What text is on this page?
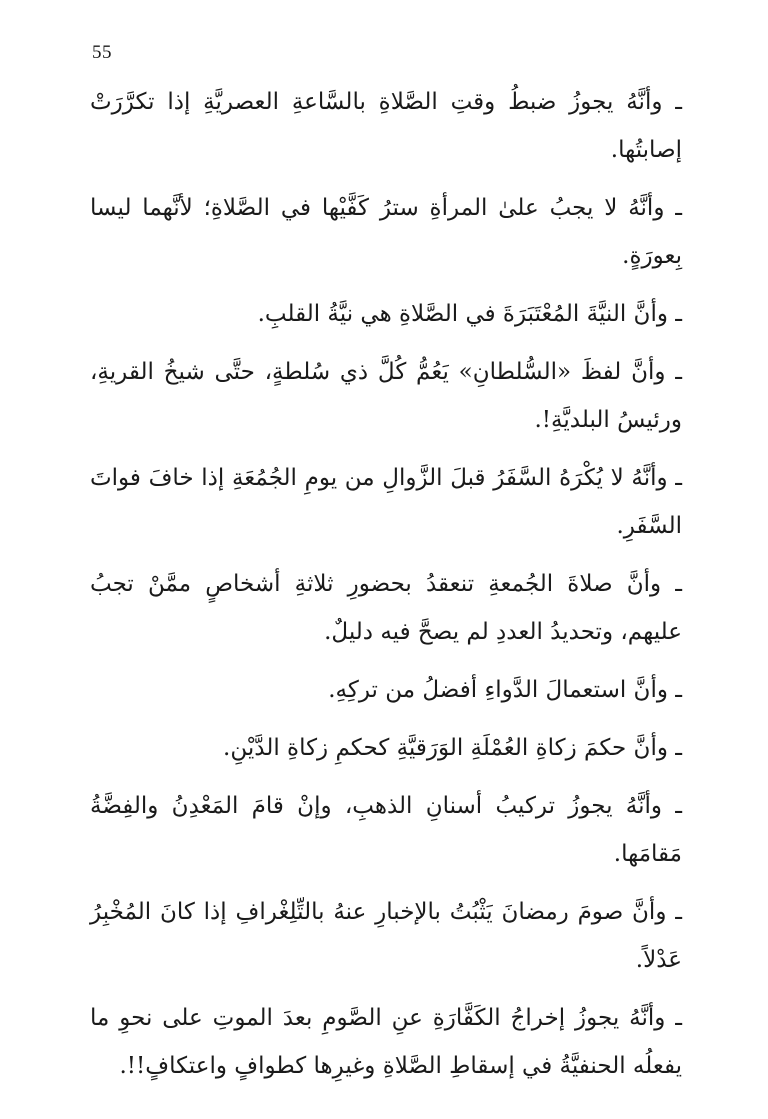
55

ـ وأنَّهُ يجوزُ ضبطُ وقتِ الصَّلاةِ بالسَّاعةِ العصريَّةِ إذا تكرَّرَتْ إصابتُها.

ـ وأنَّهُ لا يجبُ علىٰ المرأةِ سترُ كَفَّيْها في الصَّلاةِ؛ لأنَّهما ليسا بِعورَةٍ.

ـ وأنَّ النيَّةَ المُعْتَبَرَةَ في الصَّلاةِ هي نيَّةُ القلبِ.

ـ وأنَّ لفظَ «السُّلطانِ» يَعُمُّ كُلَّ ذي سُلطةٍ، حتَّى شيخُ القريةِ، ورئيسُ البلديَّةِ!.

ـ وأنَّهُ لا يُكْرَهُ السَّفَرُ قبلَ الزَّوالِ من يومِ الجُمُعَةِ إذا خافَ فواتَ السَّفَرِ.

ـ وأنَّ صلاةَ الجُمعةِ تنعقدُ بحضورِ ثلاثةِ أشخاصٍ ممَّنْ تجبُ عليهم، وتحديدُ العددِ لم يصحَّ فيه دليلٌ.

ـ وأنَّ استعمالَ الدَّواءِ أفضلُ من تركِهِ.

ـ وأنَّ حكمَ زكاةِ العُمْلَةِ الوَرَقيَّةِ كحكمِ زكاةِ الدَّيْنِ.

ـ وأنَّهُ يجوزُ تركيبُ أسنانِ الذهبِ، وإنْ قامَ المَعْدِنُ والفِضَّةُ مَقامَها.

ـ وأنَّ صومَ رمضانَ يَثْبُتُ بالإخبارِ عنهُ بالتِّلِغْرافِ إذا كانَ المُخْبِرُ عَدْلاً.

ـ وأنَّهُ يجوزُ إخراجُ الكَفَّارَةِ عنِ الصَّومِ بعدَ الموتِ على نحوِ ما يفعلُه الحنفيَّةُ في إسقاطِ الصَّلاةِ وغيرِها كطوافٍ واعتكافٍ!!.
